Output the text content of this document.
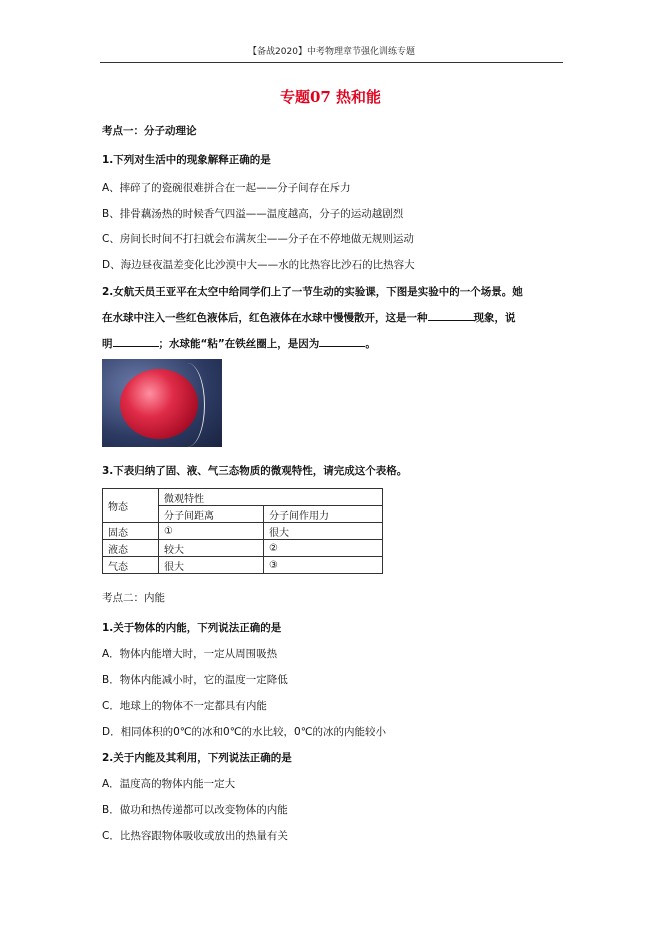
【备战2020】中考物理章节强化训练专题
专题07 热和能
考点一：分子动理论
1.下列对生活中的现象解释正确的是
A、摔碎了的瓷碗很难拼合在一起——分子间存在斥力
B、排骨藕汤热的时候香气四溢——温度越高，分子的运动越剧烈
C、房间长时间不打扫就会布满灰尘——分子在不停地做无规则运动
D、海边昼夜温差变化比沙漠中大——水的比热容比沙石的比热容大
2.女航天员王亚平在太空中给同学们上了一节生动的实验课，下图是实验中的一个场景。她
在水球中注入一些红色液体后，红色液体在水球中慢慢散开，这是一种	现象，说
明	；水球能“粘”在铁丝圈上，是因为	。
3.下表归纳了固、液、气三态物质的微观特性，请完成这个表格。
物态	微观特性	
	分子间距离	分子间作用力
固态	①	很大
液态	较大	②
气态	很大	③
考点二：内能
1.关于物体的内能，下列说法正确的是
A．物体内能增大时，一定从周围吸热
B．物体内能减小时，它的温度一定降低
C．地球上的物体不一定都具有内能
D．相同体积的0℃的冰和0℃的水比较，0℃的冰的内能较小
2.关于内能及其利用，下列说法正确的是
A．温度高的物体内能一定大
B．做功和热传递都可以改变物体的内能
C．比热容跟物体吸收或放出的热量有关
